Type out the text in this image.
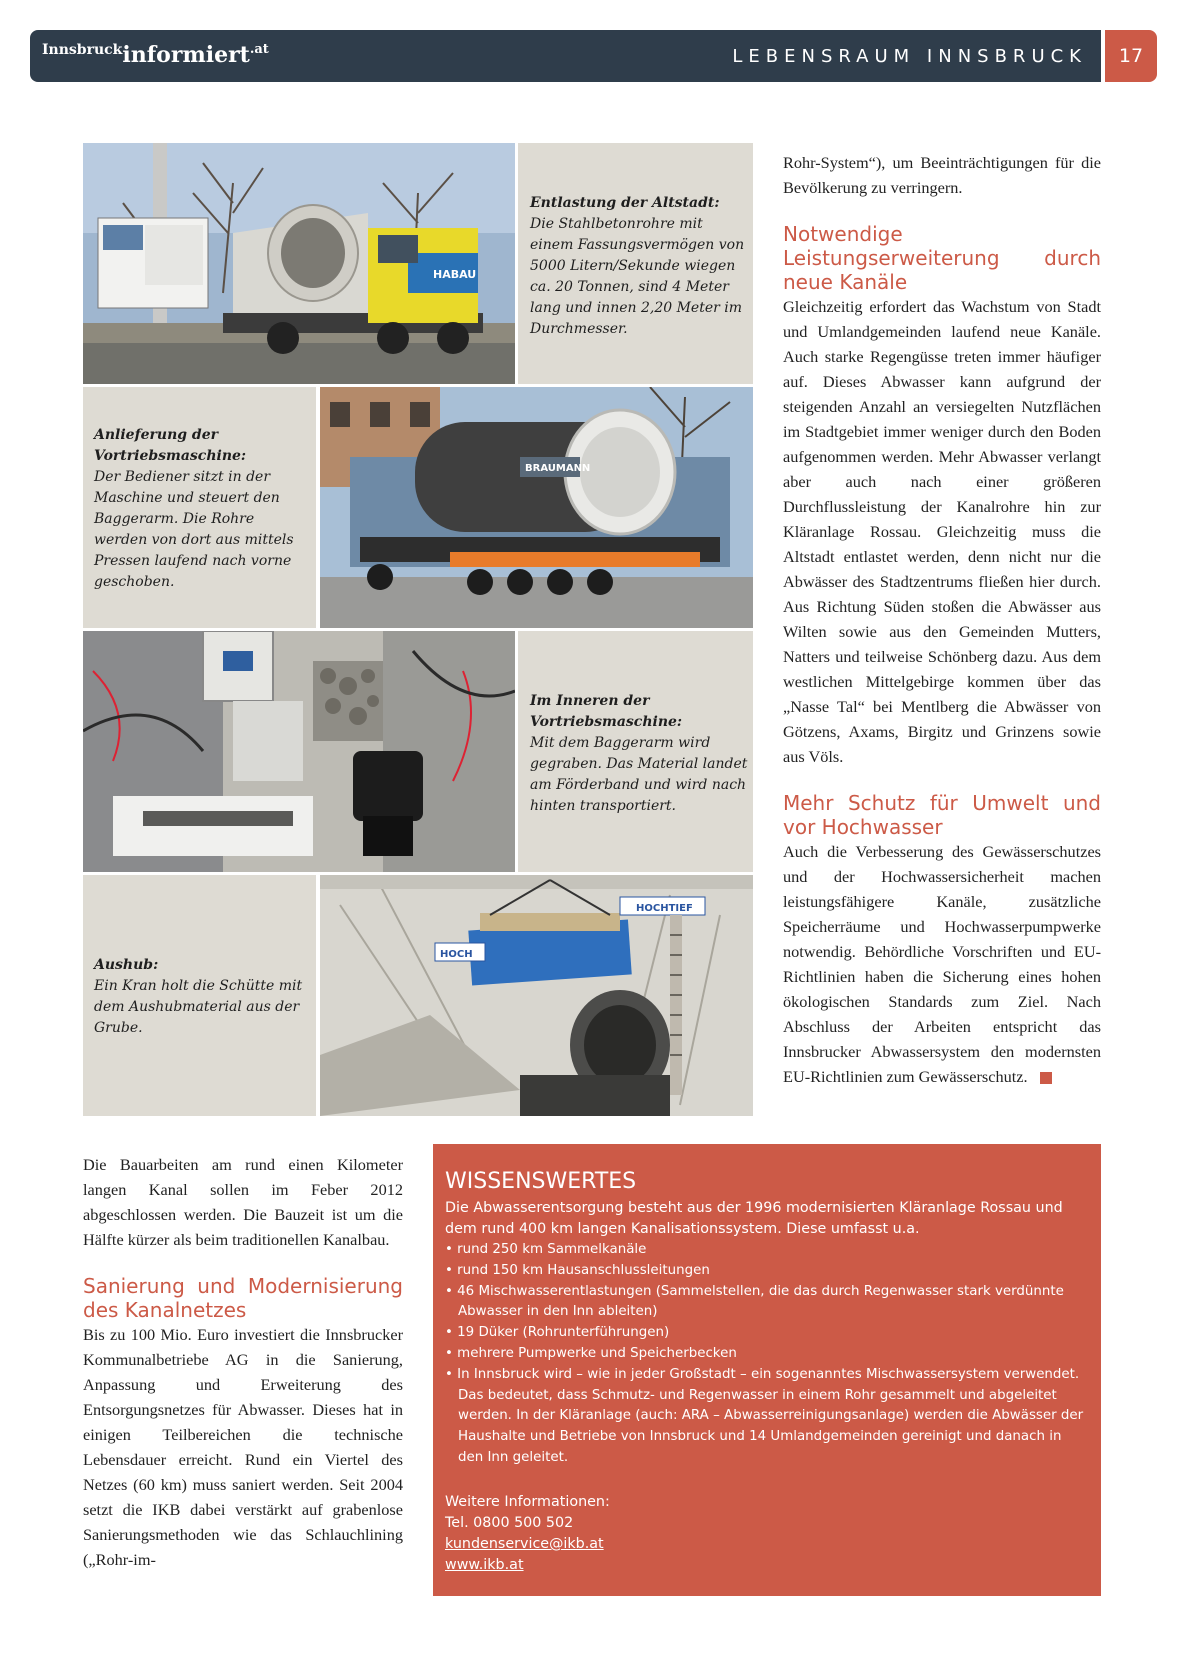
Innsbruckinformiert$^{.at}$	LEBENSRAUM INNSBRUCK	17
HABAU
Entlastung der Altstadt:
Die Stahlbetonrohre mit einem Fassungsvermögen von 5000 Litern/Sekunde wiegen ca. 20 Tonnen, sind 4 Meter lang und innen 2,20 Meter im Durchmesser.
Anlieferung der Vortriebsmaschine:
Der Bediener sitzt in der Maschine und steuert den Baggerarm. Die Rohre werden von dort aus mittels Pressen laufend nach vorne geschoben.
BRAUMANN
Im Inneren der Vortriebsmaschine:
Mit dem Baggerarm wird gegraben. Das Material landet am Förderband und wird nach hinten transportiert.
Aushub:
Ein Kran holt die Schütte mit dem Aushubmaterial aus der Grube.
HOCHTIEF
HOCH

Rohr-System“), um Beeinträchtigungen für die Bevölkerung zu verringern.

Notwendige Leistungserweiterung durch neue Kanäle

Gleichzeitig erfordert das Wachstum von Stadt und Umlandgemeinden laufend neue Kanäle. Auch starke Regengüsse treten immer häufiger auf. Dieses Abwasser kann aufgrund der steigenden Anzahl an versiegelten Nutzflächen im Stadtgebiet immer weniger durch den Boden aufgenommen werden. Mehr Abwasser verlangt aber auch nach einer größeren Durchflussleistung der Kanalrohre hin zur Kläranlage Rossau. Gleichzeitig muss die Altstadt entlastet werden, denn nicht nur die Abwässer des Stadtzentrums fließen hier durch. Aus Richtung Süden stoßen die Abwässer aus Wilten sowie aus den Gemeinden Mutters, Natters und teilweise Schönberg dazu. Aus dem westlichen Mittelgebirge kommen über das „Nasse Tal“ bei Mentlberg die Abwässer von Götzens, Axams, Birgitz und Grinzens sowie aus Völs.

Mehr Schutz für Umwelt und vor Hochwasser

Auch die Verbesserung des Gewässerschutzes und der Hochwassersicherheit machen leistungsfähigere Kanäle, zusätzliche Speicherräume und Hochwasserpumpwerke notwendig. Behördliche Vorschriften und EU-Richtlinien haben die Sicherung eines hohen ökologischen Standards zum Ziel. Nach Abschluss der Arbeiten entspricht das Innsbrucker Abwassersystem den modernsten EU-Richtlinien zum Gewässerschutz.

Die Bauarbeiten am rund einen Kilometer langen Kanal sollen im Feber 2012 abgeschlossen werden. Die Bauzeit ist um die Hälfte kürzer als beim traditionellen Kanalbau.

Sanierung und Modernisierung des Kanalnetzes

Bis zu 100 Mio. Euro investiert die Innsbrucker Kommunalbetriebe AG in die Sanierung, Anpassung und Erweiterung des Entsorgungsnetzes für Abwasser. Dieses hat in einigen Teilbereichen die technische Lebensdauer erreicht. Rund ein Viertel des Netzes (60 km) muss saniert werden. Seit 2004 setzt die IKB dabei verstärkt auf grabenlose Sanierungsmethoden wie das Schlauchlining („Rohr-im-

WISSENSWERTES
Die Abwasserentsorgung besteht aus der 1996 modernisierten Kläranlage Rossau und dem rund 400 km langen Kanalisationssystem. Diese umfasst u.a.
• rund 250 km Sammelkanäle
• rund 150 km Hausanschlussleitungen
• 46 Mischwasserentlastungen (Sammelstellen, die das durch Regenwasser stark verdünnte Abwasser in den Inn ableiten)
• 19 Düker (Rohrunterführungen)
• mehrere Pumpwerke und Speicherbecken
• In Innsbruck wird – wie in jeder Großstadt – ein sogenanntes Mischwassersystem verwendet. Das bedeutet, dass Schmutz- und Regenwasser in einem Rohr gesammelt und abgeleitet werden. In der Kläranlage (auch: ARA – Abwasserreinigungsanlage) werden die Abwässer der Haushalte und Betriebe von Innsbruck und 14 Umlandgemeinden gereinigt und danach in den Inn geleitet.
Weitere Informationen:
Tel. 0800 500 502
kundenservice@ikb.at
www.ikb.at
